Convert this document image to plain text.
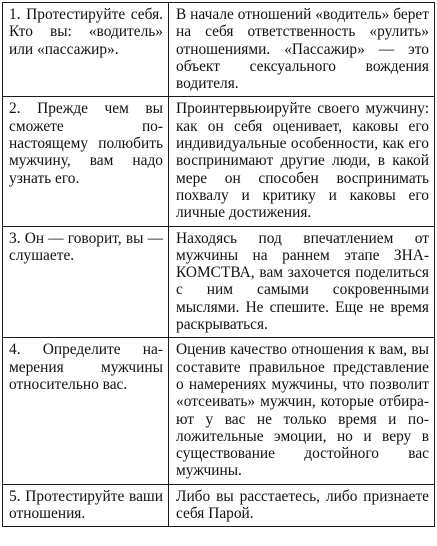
1. Протестируйте себя. Кто вы: «водитель» или «пассажир».	В начале отношений «водитель» берет на себя ответственность «рулить» отношениями. «Пассажир» — это объект сексуального вождения водителя.

2. Прежде чем вы сможете по-настоящему полюбить мужчину, вам надо узнать его.	Проинтервьюируйте своего мужчину: как он себя оценивает, каковы его индивидуальные особенности, как его воспринимают другие люди, в какой мере он способен воспринимать похвалу и критику и каковы его личные достижения.

3. Он — говорит, вы — слушаете.	Находясь под впечатлением от мужчины на раннем этапе ЗНАКОМСТВА, вам захочется поделиться с ним самыми сокровенными мыслями. Не спешите. Еще не время раскрываться.

4. Определите намерения мужчины относительно вас.	Оценив качество отношения к вам, вы составите правильное представление о намерениях мужчины, что позволит «отсеивать» мужчин, которые отбирают у вас не только время и положительные эмоции, но и веру в существование достойного вас мужчины.

5. Протестируйте ваши отношения.	Либо вы расстаетесь, либо признаете себя Парой.
